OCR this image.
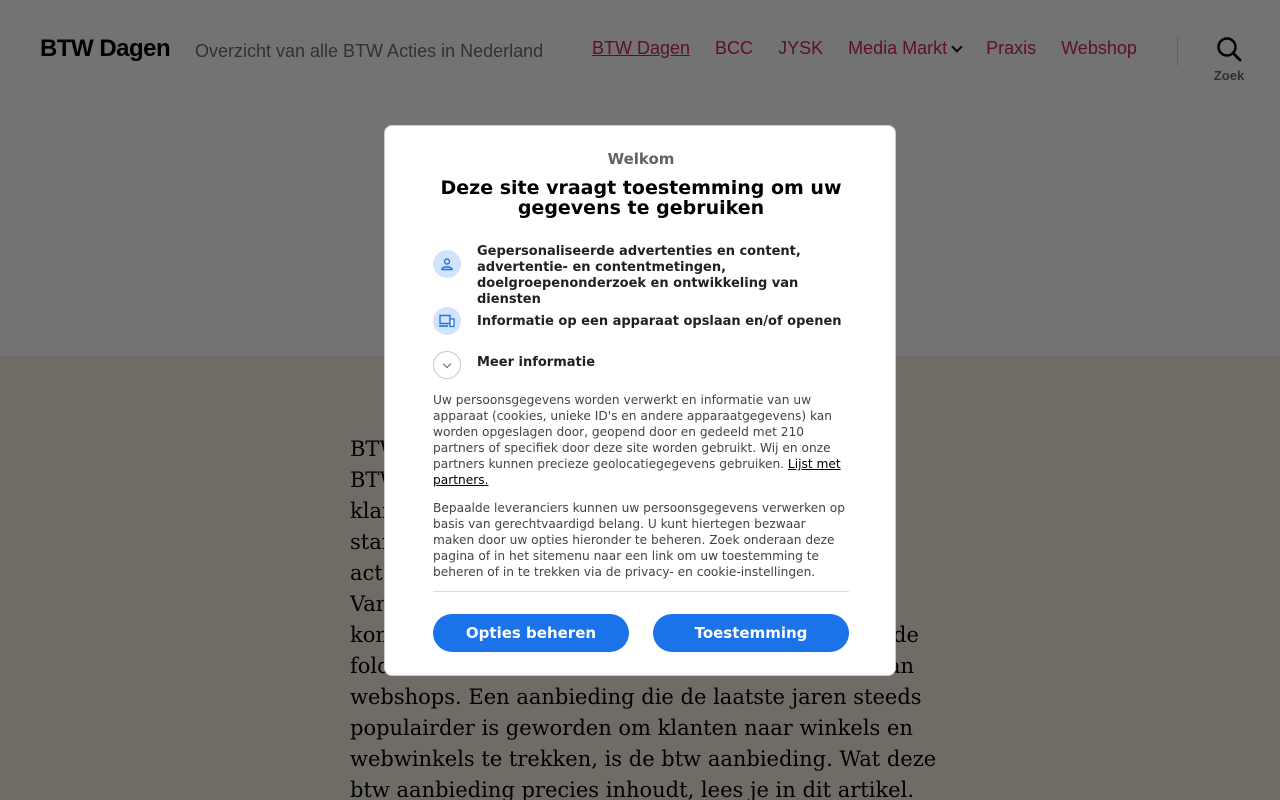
Welkom
Deze site vraagt toestemming om uw gegevens te gebruiken
Gepersonaliseerde advertenties en content, advertentie- en contentmetingen, doelgroepenonderzoek en ontwikkeling van diensten
Informatie op een apparaat opslaan en/of openen
Meer informatie
Uw persoonsgegevens worden verwerkt en informatie van uw apparaat (cookies, unieke ID's en andere apparaatgegevens) kan worden opgeslagen door, geopend door en gedeeld met 210 partners of specifiek door deze site worden gebruikt. Wij en onze partners kunnen precieze geolocatiegegevens gebruiken. Lijst met partners.
Bepaalde leveranciers kunnen uw persoonsgegevens verwerken op basis van gerechtvaardigd belang. U kunt hiertegen bezwaar maken door uw opties hieronder te beheren. Zoek onderaan deze pagina of in het sitemenu naar een link om uw toestemming te beheren of in te trekken via de privacy- en cookie-instellingen.
Opties beheren	Toestemming
